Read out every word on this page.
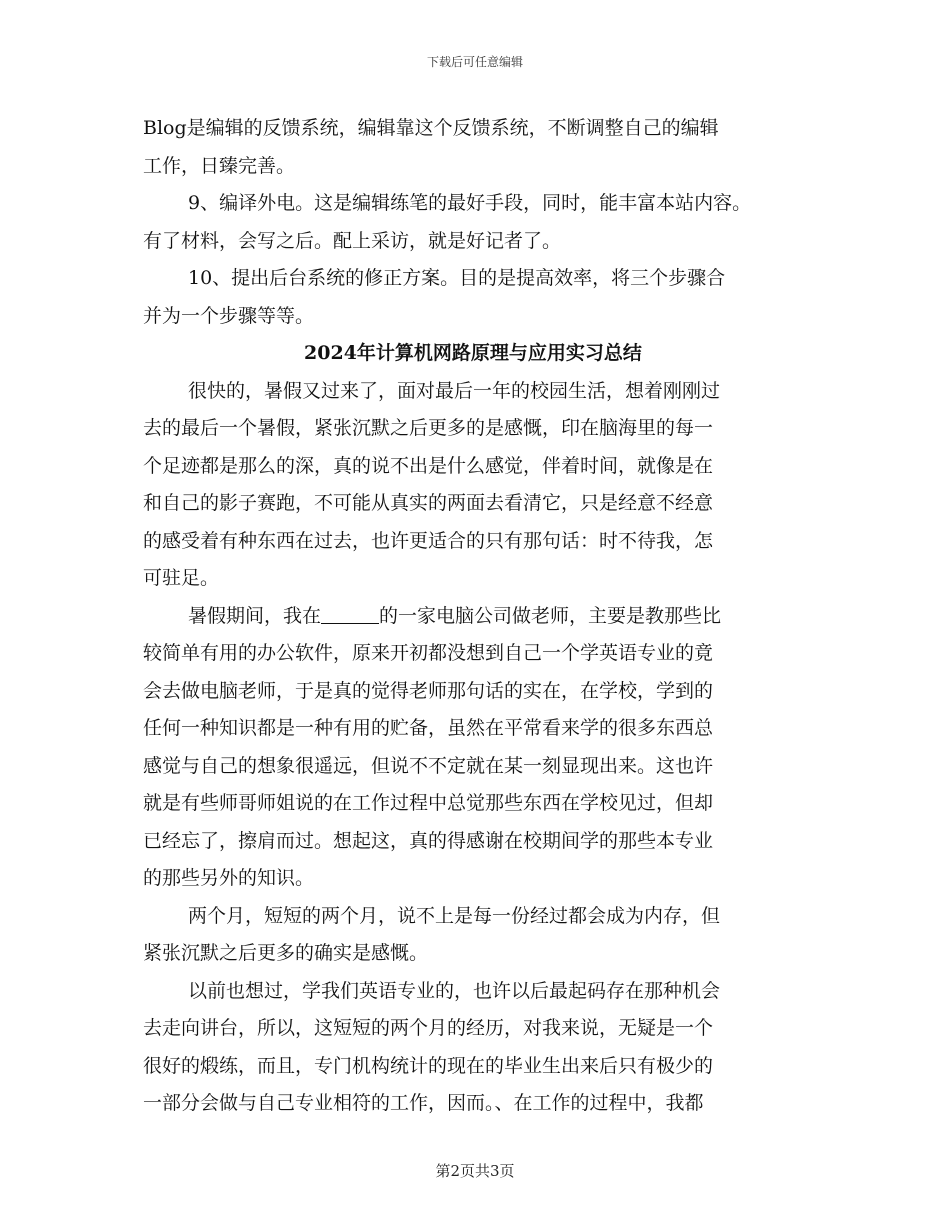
下载后可任意编辑

Blog是编辑的反馈系统，编辑靠这个反馈系统，不断调整自己的编辑

工作，日臻完善。

9、编译外电。这是编辑练笔的最好手段，同时，能丰富本站内容。

有了材料，会写之后。配上采访，就是好记者了。

10、提出后台系统的修正方案。目的是提高效率，将三个步骤合

并为一个步骤等等。

2024年计算机网路原理与应用实习总结

很快的，暑假又过来了，面对最后一年的校园生活，想着刚刚过

去的最后一个暑假，紧张沉默之后更多的是感慨，印在脑海里的每一

个足迹都是那么的深，真的说不出是什么感觉，伴着时间，就像是在

和自己的影子赛跑，不可能从真实的两面去看清它，只是经意不经意

的感受着有种东西在过去，也许更适合的只有那句话：时不待我，怎

可驻足。

暑假期间，我在	的一家电脑公司做老师，主要是教那些比

较简单有用的办公软件，原来开初都没想到自己一个学英语专业的竟

会去做电脑老师，于是真的觉得老师那句话的实在，在学校，学到的

任何一种知识都是一种有用的贮备，虽然在平常看来学的很多东西总

感觉与自己的想象很遥远，但说不不定就在某一刻显现出来。这也许

就是有些师哥师姐说的在工作过程中总觉那些东西在学校见过，但却

已经忘了，擦肩而过。想起这，真的得感谢在校期间学的那些本专业

的那些另外的知识。

两个月，短短的两个月，说不上是每一份经过都会成为内存，但

紧张沉默之后更多的确实是感慨。

以前也想过，学我们英语专业的，也许以后最起码存在那种机会

去走向讲台，所以，这短短的两个月的经历，对我来说，无疑是一个

很好的煅练，而且，专门机构统计的现在的毕业生出来后只有极少的

一部分会做与自己专业相符的工作，因而。、在工作的过程中，我都

第2页共3页
